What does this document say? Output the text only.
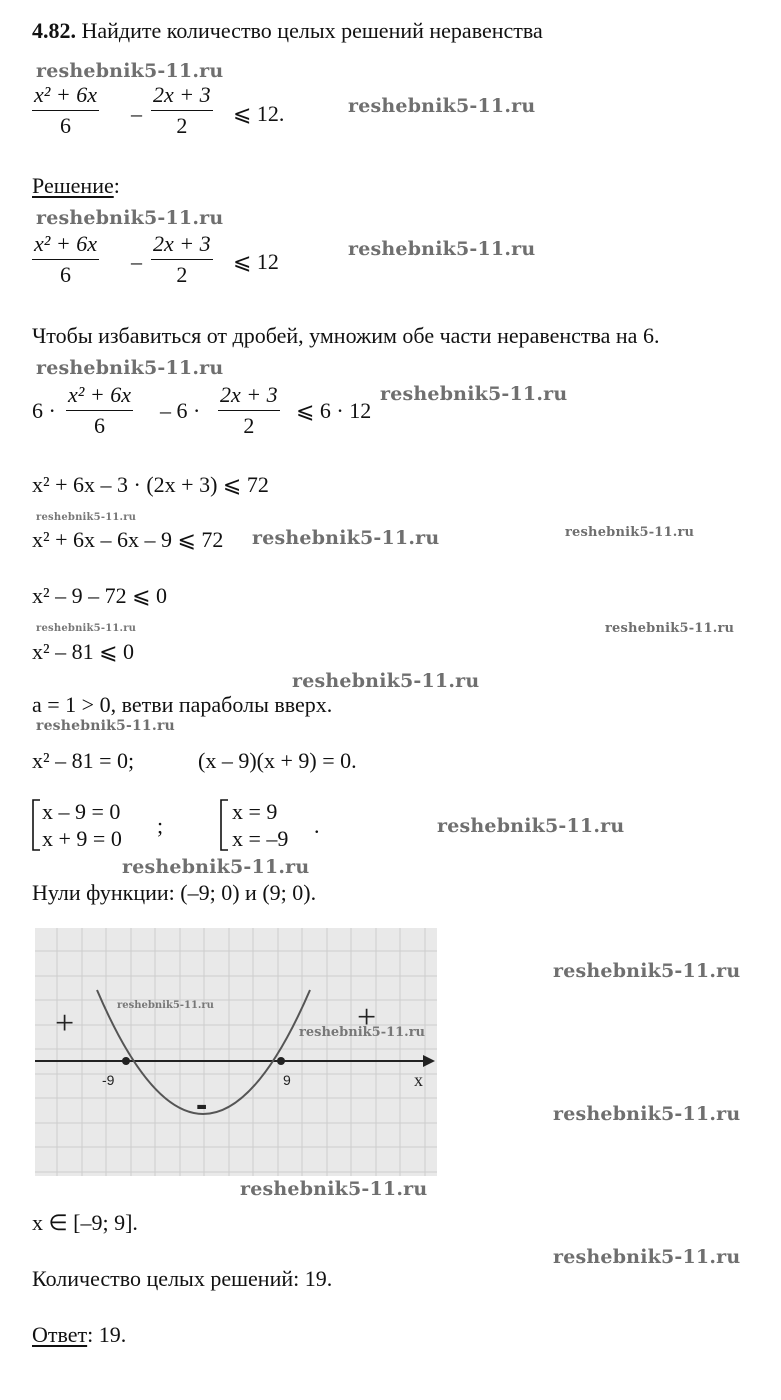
4.82. Найдите количество целых решений неравенства
reshebnik5-11.ru
reshebnik5-11.ru
reshebnik5-11.ru
reshebnik5-11.ru
reshebnik5-11.ru
reshebnik5-11.ru
reshebnik5-11.ru
reshebnik5-11.ru	reshebnik5-11.ru
reshebnik5-11.ru	reshebnik5-11.ru
reshebnik5-11.ru
reshebnik5-11.ru
reshebnik5-11.ru
reshebnik5-11.ru
reshebnik5-11.ru
reshebnik5-11.ru
reshebnik5-11.ru
reshebnik5-11.ru
x² + 6x
6	–
2x + 3
2	⩽ 12.
Решение:
x² + 6x
6
–
2x + 3
2
⩽ 12
Чтобы избавиться от дробей, умножим обе части неравенства на 6.
6 ·
x² + 6x
6
– 6 ·
2x + 3
2
⩽ 6 · 12
x² + 6x – 3 · (2x + 3) ⩽ 72
x² + 6x – 6x – 9 ⩽ 72
x² – 9 – 72 ⩽ 0
x² – 81 ⩽ 0
a = 1 > 0, ветви параболы вверх.
x² – 81 = 0;	(x – 9)(x + 9) = 0.
x – 9 = 0
x + 9 = 0
;
x = 9
x = –9
.
Нули функции: (–9; 0) и (9; 0).
+	+
-
-9	9	x
reshebnik5-11.ru
reshebnik5-11.ru
x ∈ [–9; 9].
Количество целых решений: 19.
Ответ: 19.
